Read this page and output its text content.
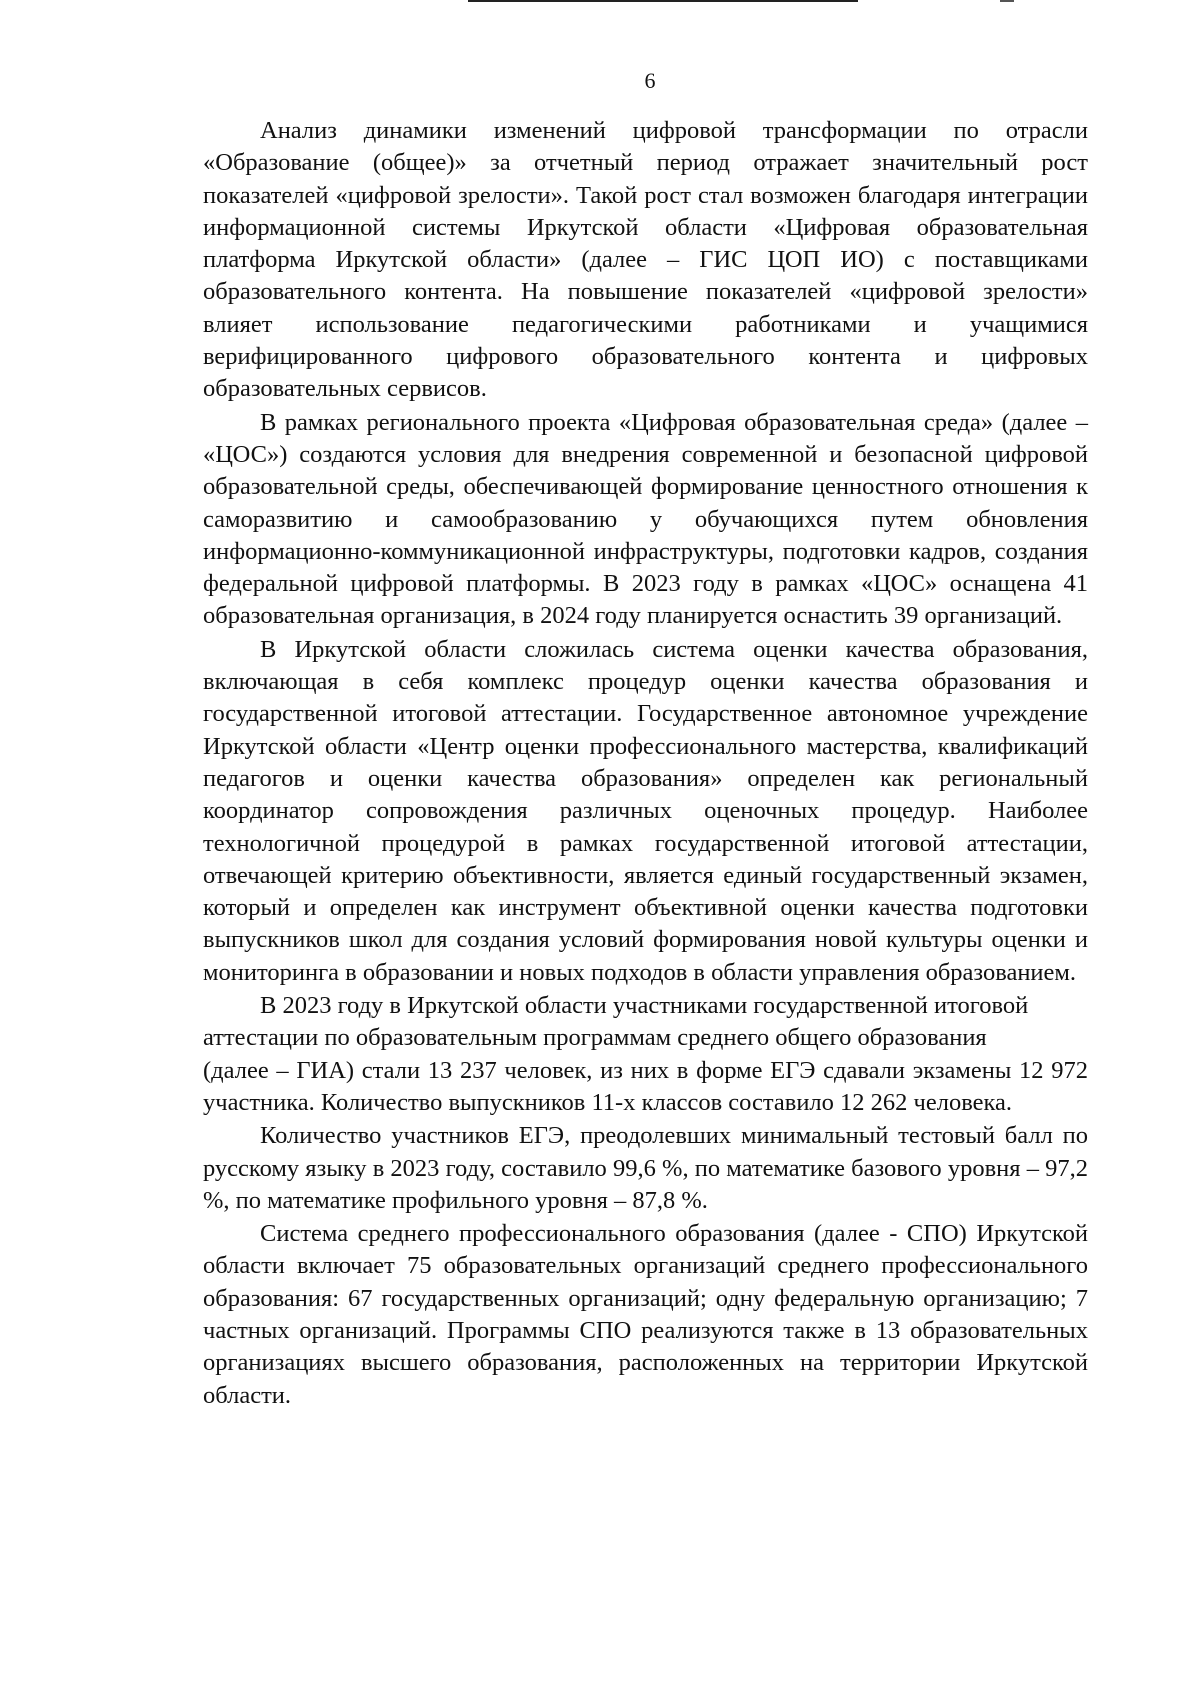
6

Анализ динамики изменений цифровой трансформации по отрасли «Образование (общее)» за отчетный период отражает значительный рост показателей «цифровой зрелости». Такой рост стал возможен благодаря интеграции информационной системы Иркутской области «Цифровая образовательная платформа Иркутской области» (далее – ГИС ЦОП ИО) с поставщиками образовательного контента. На повышение показателей «цифровой зрелости» влияет использование педагогическими работниками и учащимися верифицированного цифрового образовательного контента и цифровых образовательных сервисов.

В рамках регионального проекта «Цифровая образовательная среда» (далее – «ЦОС») создаются условия для внедрения современной и безопасной цифровой образовательной среды, обеспечивающей формирование ценностного отношения к саморазвитию и самообразованию у обучающихся путем обновления информационно-коммуникационной инфраструктуры, подготовки кадров, создания федеральной цифровой платформы. В 2023 году в рамках «ЦОС» оснащена 41 образовательная организация, в 2024 году планируется оснастить 39 организаций.

В Иркутской области сложилась система оценки качества образования, включающая в себя комплекс процедур оценки качества образования и государственной итоговой аттестации. Государственное автономное учреждение Иркутской области «Центр оценки профессионального мастерства, квалификаций педагогов и оценки качества образования» определен как региональный координатор сопровождения различных оценочных процедур. Наиболее технологичной процедурой в рамках государственной итоговой аттестации, отвечающей критерию объективности, является единый государственный экзамен, который и определен как инструмент объективной оценки качества подготовки выпускников школ для создания условий формирования новой культуры оценки и мониторинга в образовании и новых подходов в области управления образованием.

В 2023 году в Иркутской области участниками государственной итоговой аттестации по образовательным программам среднего общего образования

(далее – ГИА) стали 13 237 человек, из них в форме ЕГЭ сдавали экзамены 12 972 участника. Количество выпускников 11-х классов составило 12 262 человека.

Количество участников ЕГЭ, преодолевших минимальный тестовый балл по русскому языку в 2023 году, составило 99,6 %, по математике базового уровня – 97,2 %, по математике профильного уровня – 87,8 %.

Система среднего профессионального образования (далее - СПО) Иркутской области включает 75 образовательных организаций среднего профессионального образования: 67 государственных организаций; одну федеральную организацию; 7 частных организаций. Программы СПО реализуются также в 13 образовательных организациях высшего образования, расположенных на территории Иркутской области.
